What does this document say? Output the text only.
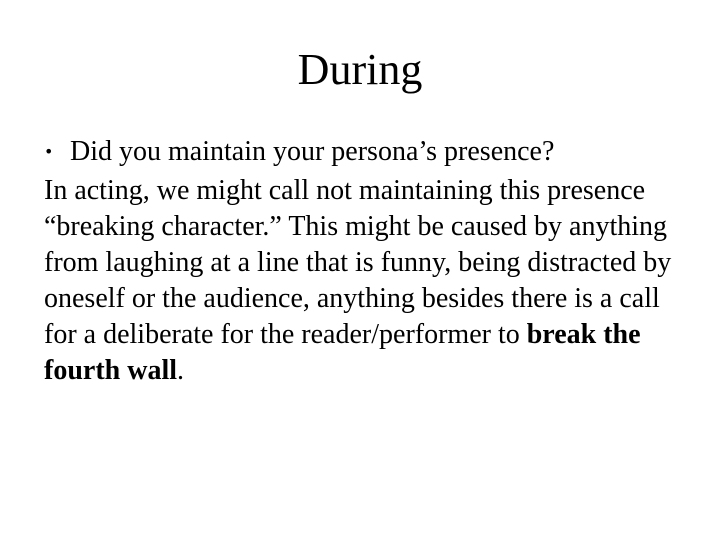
During
• Did you maintain your persona’s presence?

In acting, we might call not maintaining this presence “breaking character.” This might be caused by anything from laughing at a line that is funny, being distracted by oneself or the audience, anything besides there is a call for a deliberate for the reader/performer to break the fourth wall.
